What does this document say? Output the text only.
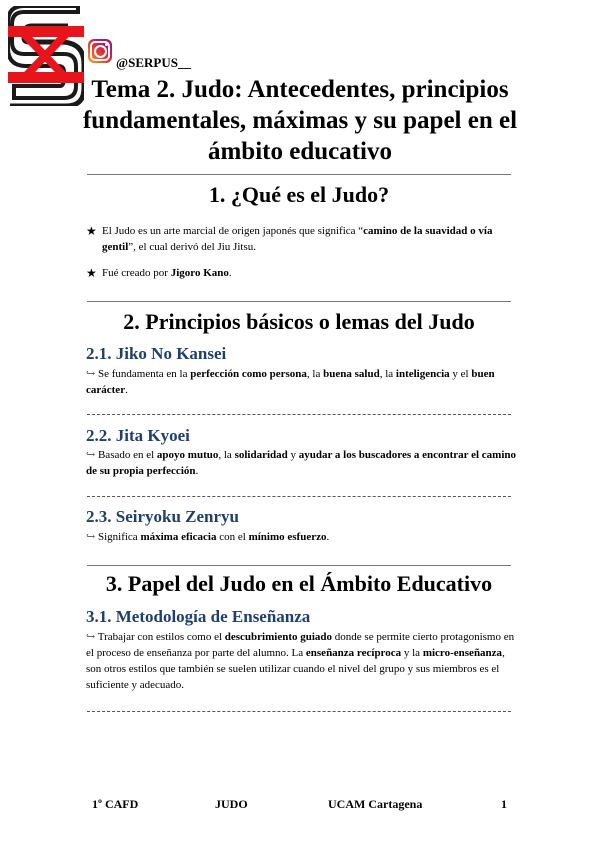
@SERPUS__
Tema 2. Judo: Antecedentes, principios fundamentales, máximas y su papel en el ámbito educativo
1. ¿Qué es el Judo?
★ El Judo es un arte marcial de origen japonés que significa “camino de la suavidad o vía gentil”, el cual derivó del Jiu Jitsu.
★ Fué creado por Jigoro Kano.
2. Principios básicos o lemas del Judo
2.1. Jiko No Kansei
↪ Se fundamenta en la perfección como persona, la buena salud, la inteligencia y el buen carácter.
2.2. Jita Kyoei
↪ Basado en el apoyo mutuo, la solidaridad y ayudar a los buscadores a encontrar el camino de su propia perfección.
2.3. Seiryoku Zenryu
↪ Significa máxima eficacia con el mínimo esfuerzo.
3. Papel del Judo en el Ámbito Educativo
3.1. Metodología de Enseñanza
↪ Trabajar con estilos como el descubrimiento guiado donde se permite cierto protagonismo en el proceso de enseñanza por parte del alumno. La enseñanza recíproca y la micro-enseñanza, son otros estilos que también se suelen utilizar cuando el nivel del grupo y sus miembros es el suficiente y adecuado.
1º CAFD	JUDO	UCAM Cartagena	1
